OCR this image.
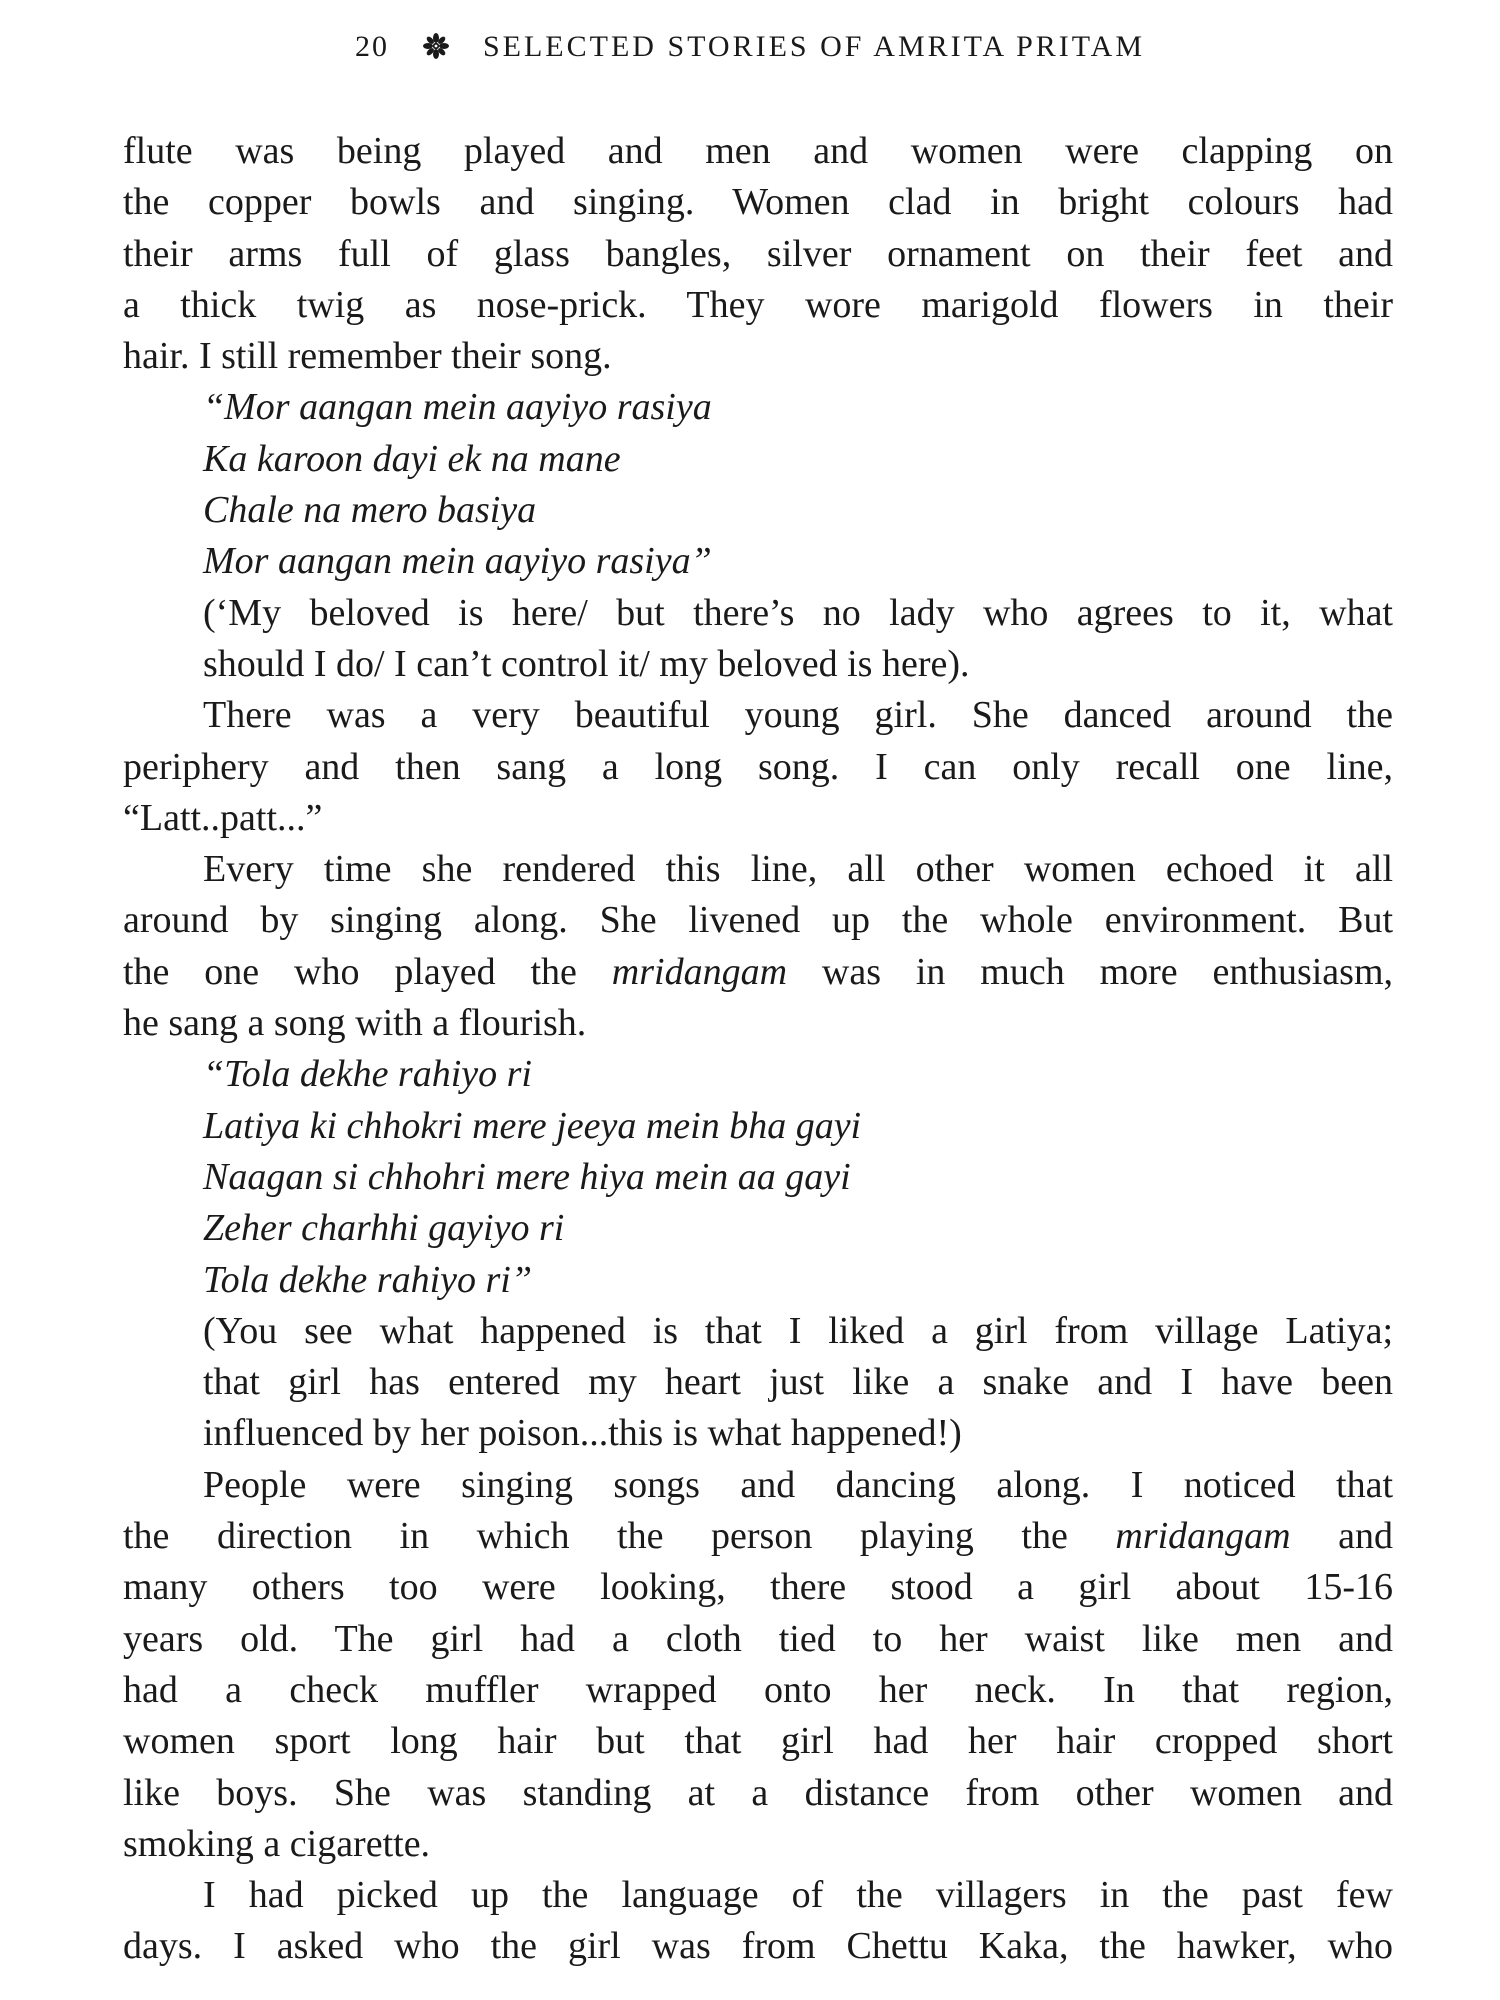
20	SELECTED STORIES OF AMRITA PRITAM
flute was being played and men and women were clapping on
the copper bowls and singing. Women clad in bright colours had
their arms full of glass bangles, silver ornament on their feet and
a thick twig as nose-prick. They wore marigold flowers in their
hair. I still remember their song.
“Mor aangan mein aayiyo rasiya
Ka karoon dayi ek na mane
Chale na mero basiya
Mor aangan mein aayiyo rasiya”
(‘My beloved is here/ but there’s no lady who agrees to it, what
should I do/ I can’t control it/ my beloved is here).
There was a very beautiful young girl. She danced around the
periphery and then sang a long song. I can only recall one line,
“Latt..patt...”
Every time she rendered this line, all other women echoed it all
around by singing along. She livened up the whole environment. But
the one who played the mridangam was in much more enthusiasm,
he sang a song with a flourish.
“Tola dekhe rahiyo ri
Latiya ki chhokri mere jeeya mein bha gayi
Naagan si chhohri mere hiya mein aa gayi
Zeher charhhi gayiyo ri
Tola dekhe rahiyo ri”
(You see what happened is that I liked a girl from village Latiya;
that girl has entered my heart just like a snake and I have been
influenced by her poison...this is what happened!)
People were singing songs and dancing along. I noticed that
the direction in which the person playing the mridangam and
many others too were looking, there stood a girl about 15-16
years old. The girl had a cloth tied to her waist like men and
had a check muffler wrapped onto her neck. In that region,
women sport long hair but that girl had her hair cropped short
like boys. She was standing at a distance from other women and
smoking a cigarette.
I had picked up the language of the villagers in the past few
days. I asked who the girl was from Chettu Kaka, the hawker, who
